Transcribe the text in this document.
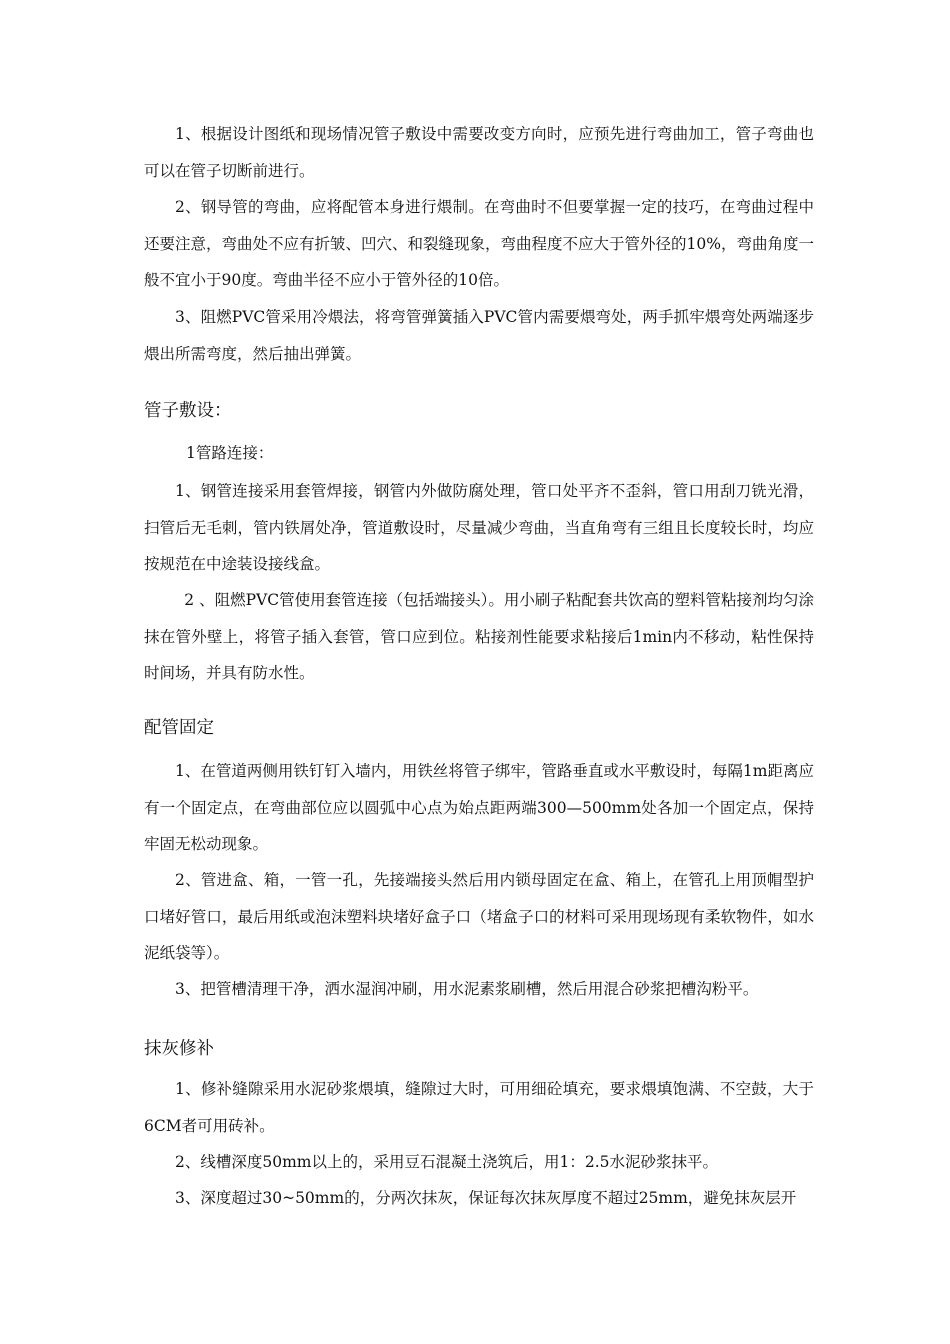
1、根据设计图纸和现场情况管子敷设中需要改变方向时，应预先进行弯曲加工，管子弯曲也可以在管子切断前进行。

2、钢导管的弯曲，应将配管本身进行煨制。在弯曲时不但要掌握一定的技巧，在弯曲过程中还要注意，弯曲处不应有折皱、凹穴、和裂缝现象，弯曲程度不应大于管外径的10%，弯曲角度一般不宜小于90度。弯曲半径不应小于管外径的10倍。

3、阻燃PVC管采用冷煨法，将弯管弹簧插入PVC管内需要煨弯处，两手抓牢煨弯处两端逐步煨出所需弯度，然后抽出弹簧。

管子敷设：
1管路连接：

1、钢管连接采用套管焊接，钢管内外做防腐处理，管口处平齐不歪斜，管口用刮刀铣光滑，扫管后无毛刺，管内铁屑处净，管道敷设时，尽量减少弯曲，当直角弯有三组且长度较长时，均应按规范在中途装设接线盒。

2 、阻燃PVC管使用套管连接（包括端接头）。用小刷子粘配套共饮高的塑料管粘接剂均匀涂抹在管外壁上，将管子插入套管，管口应到位。粘接剂性能要求粘接后1min内不移动，粘性保持时间场，并具有防水性。

配管固定

1、在管道两侧用铁钉钉入墙内，用铁丝将管子绑牢，管路垂直或水平敷设时，每隔1m距离应有一个固定点，在弯曲部位应以圆弧中心点为始点距两端300—500mm处各加一个固定点，保持牢固无松动现象。

2、管进盒、箱，一管一孔，先接端接头然后用内锁母固定在盒、箱上，在管孔上用顶帽型护口堵好管口，最后用纸或泡沫塑料块堵好盒子口（堵盒子口的材料可采用现场现有柔软物件，如水泥纸袋等）。

3、把管槽清理干净，洒水湿润冲刷，用水泥素浆刷槽，然后用混合砂浆把槽沟粉平。

抹灰修补

1、修补缝隙采用水泥砂浆煨填，缝隙过大时，可用细砼填充，要求煨填饱满、不空鼓，大于6CM者可用砖补。

2、线槽深度50mm以上的，采用豆石混凝土浇筑后，用1：2.5水泥砂浆抹平。

3、深度超过30~50mm的，分两次抹灰，保证每次抹灰厚度不超过25mm，避免抹灰层开
